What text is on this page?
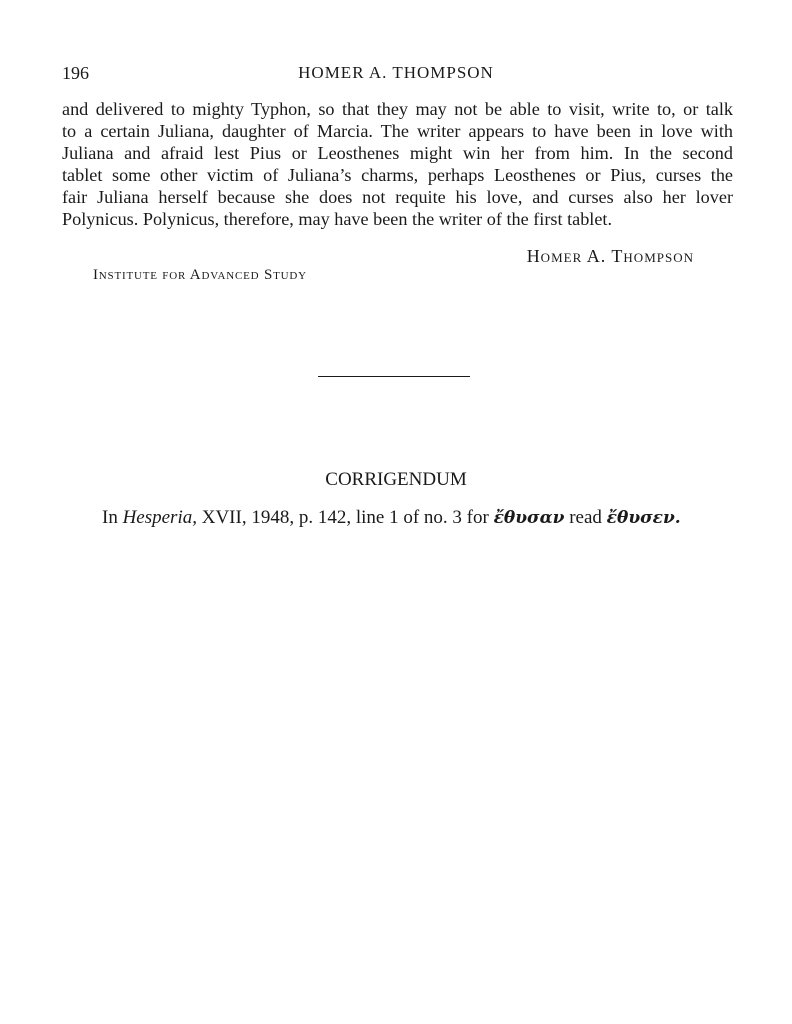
196	HOMER A. THOMPSON
and delivered to mighty Typhon, so that they may not be able to visit, write to, or talk
to a certain Juliana, daughter of Marcia. The writer appears to have been in love with
Juliana and afraid lest Pius or Leosthenes might win her from him. In the second
tablet some other victim of Juliana’s charms, perhaps Leosthenes or Pius, curses the
fair Juliana herself because she does not requite his love, and curses also her lover
Polynicus. Polynicus, therefore, may have been the writer of the first tablet.
Homer A. Thompson
Institute for Advanced Study
CORRIGENDUM
In Hesperia, XVII, 1948, p. 142, line 1 of no. 3 for ἔθυσαν read ἔθυσεν.
